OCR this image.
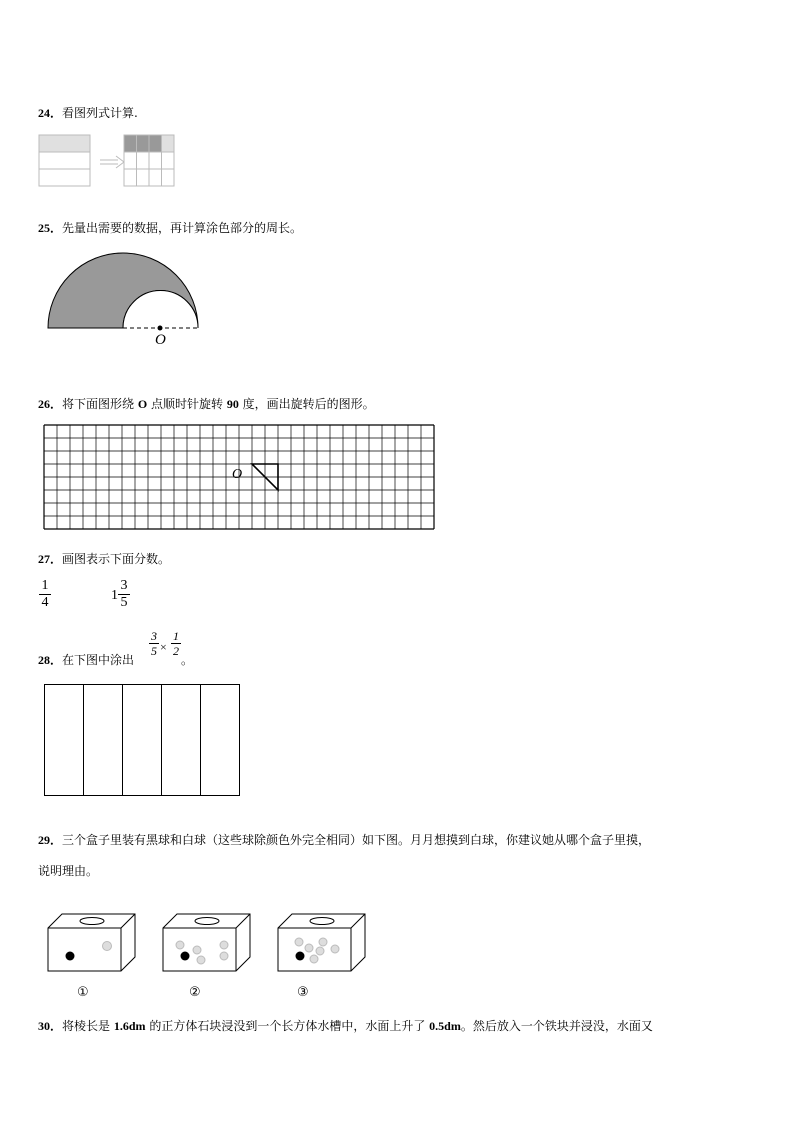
24．看图列式计算.
25．先量出需要的数据，再计算涂色部分的周长。
O
26．将下面图形绕 O 点顺时针旋转 90 度，画出旋转后的图形。
O
27．画图表示下面分数。
1
4	1
3
5
28．在下图中涂出
3
5 ×
1
2
。
29．三个盒子里装有黑球和白球（这些球除颜色外完全相同）如下图。月月想摸到白球，你建议她从哪个盒子里摸，
说明理由。
①	②	③
30．将棱长是 1.6dm 的正方体石块浸没到一个长方体水槽中，水面上升了 0.5dm。然后放入一个铁块并浸没，水面又
